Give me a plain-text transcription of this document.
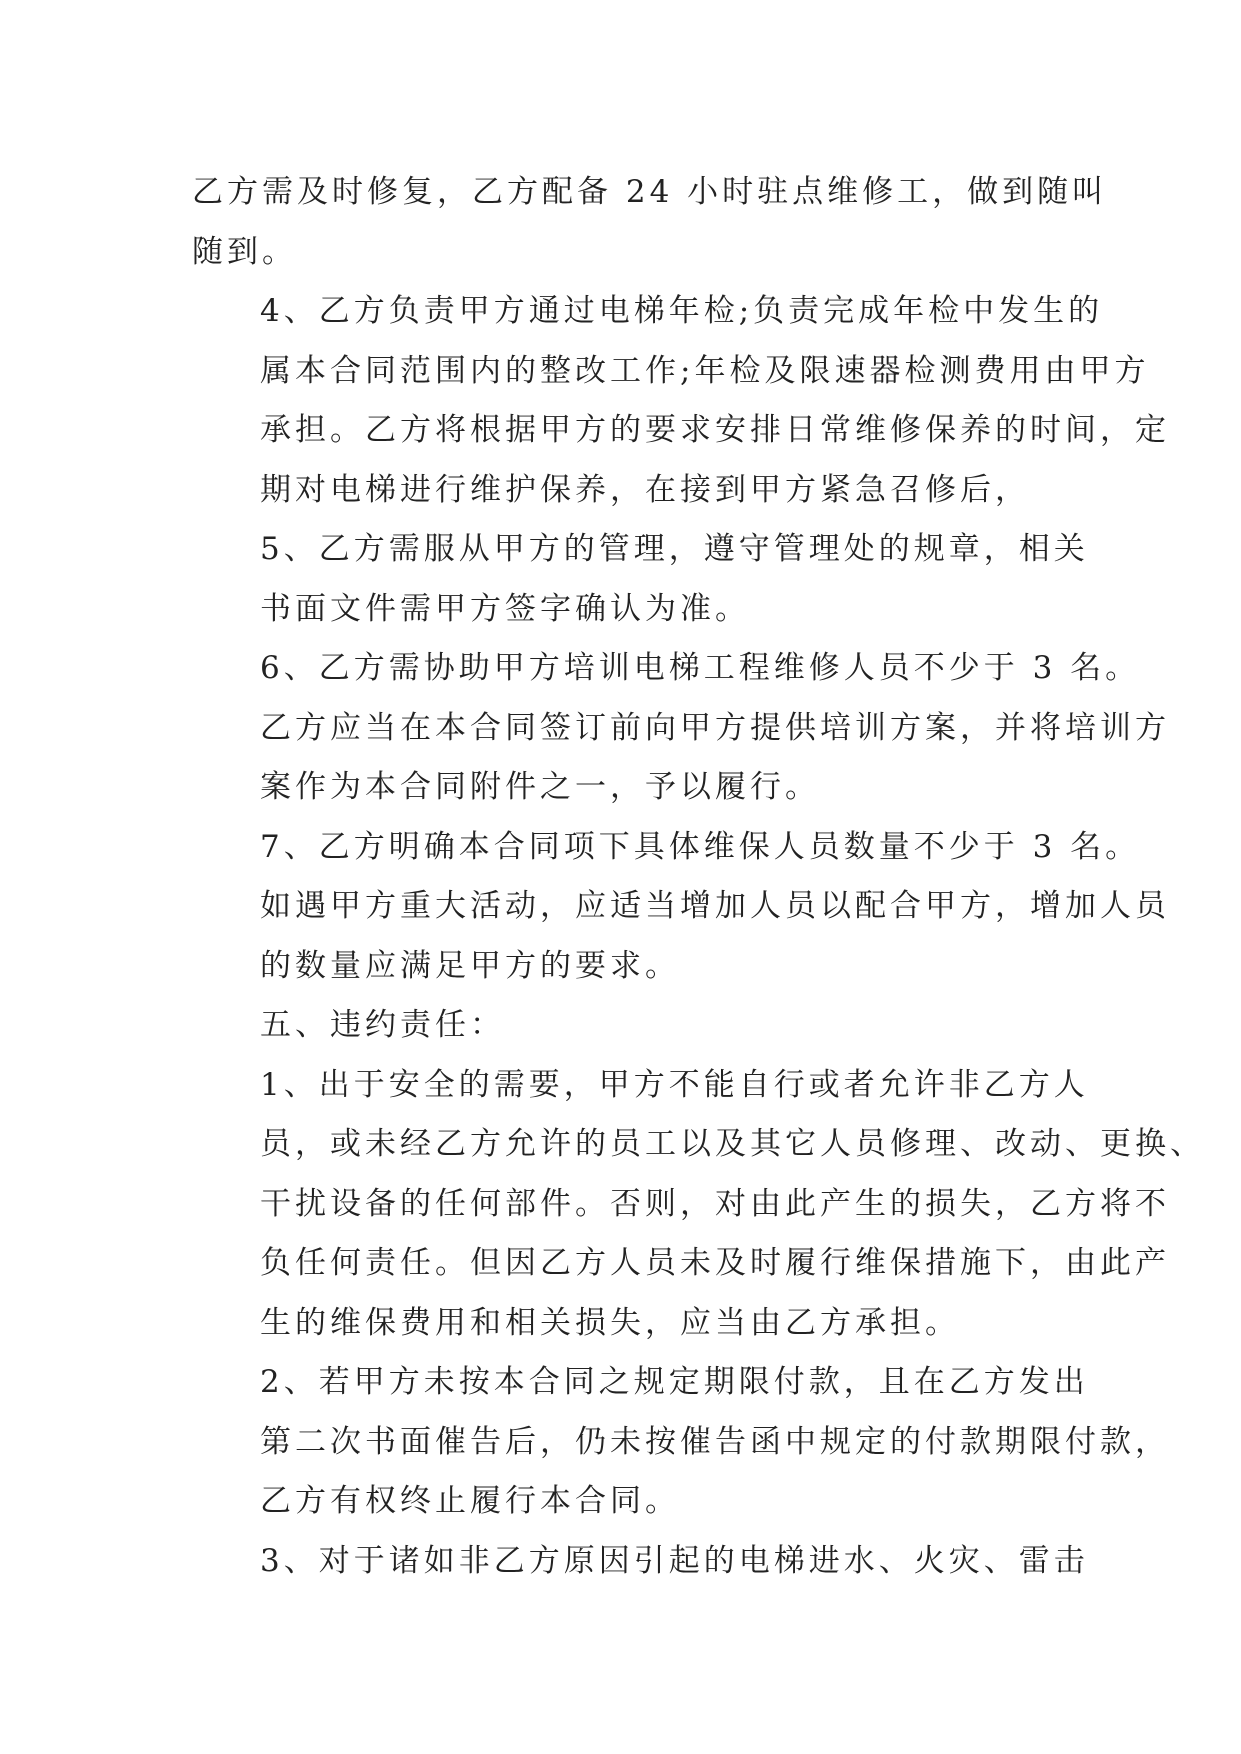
乙方需及时修复，乙方配备 24 小时驻点维修工，做到随叫
随到。
4、乙方负责甲方通过电梯年检;负责完成年检中发生的
属本合同范围内的整改工作;年检及限速器检测费用由甲方
承担。乙方将根据甲方的要求安排日常维修保养的时间，定
期对电梯进行维护保养，在接到甲方紧急召修后，
5、乙方需服从甲方的管理，遵守管理处的规章，相关
书面文件需甲方签字确认为准。
6、乙方需协助甲方培训电梯工程维修人员不少于 3 名。
乙方应当在本合同签订前向甲方提供培训方案，并将培训方
案作为本合同附件之一，予以履行。
7、乙方明确本合同项下具体维保人员数量不少于 3 名。
如遇甲方重大活动，应适当增加人员以配合甲方，增加人员
的数量应满足甲方的要求。
五、违约责任：
1、出于安全的需要，甲方不能自行或者允许非乙方人
员，或未经乙方允许的员工以及其它人员修理、改动、更换、
干扰设备的任何部件。否则，对由此产生的损失，乙方将不
负任何责任。但因乙方人员未及时履行维保措施下，由此产
生的维保费用和相关损失，应当由乙方承担。
2、若甲方未按本合同之规定期限付款，且在乙方发出
第二次书面催告后，仍未按催告函中规定的付款期限付款，
乙方有权终止履行本合同。
3、对于诸如非乙方原因引起的电梯进水、火灾、雷击
